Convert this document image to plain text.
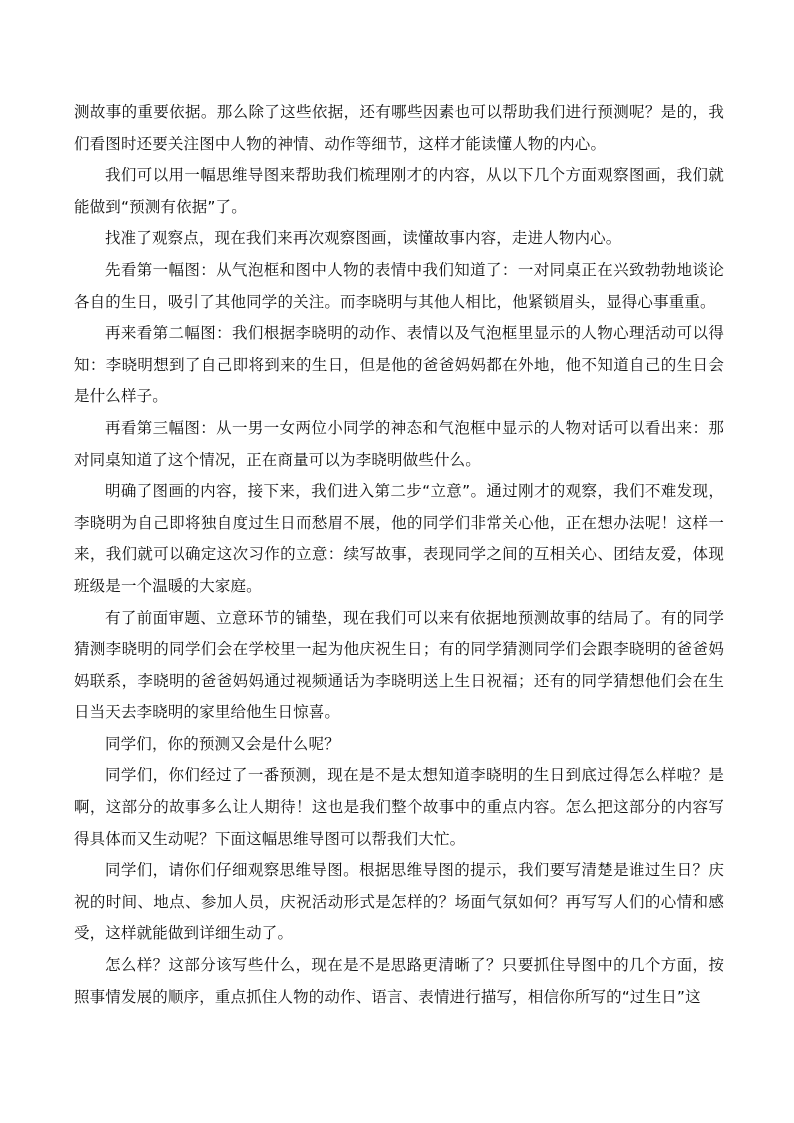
测故事的重要依据。那么除了这些依据，还有哪些因素也可以帮助我们进行预测呢？是的，我们看图时还要关注图中人物的神情、动作等细节，这样才能读懂人物的内心。

我们可以用一幅思维导图来帮助我们梳理刚才的内容，从以下几个方面观察图画，我们就能做到“预测有依据”了。

找准了观察点，现在我们来再次观察图画，读懂故事内容，走进人物内心。

先看第一幅图：从气泡框和图中人物的表情中我们知道了：一对同桌正在兴致勃勃地谈论各自的生日，吸引了其他同学的关注。而李晓明与其他人相比，他紧锁眉头，显得心事重重。

再来看第二幅图：我们根据李晓明的动作、表情以及气泡框里显示的人物心理活动可以得知：李晓明想到了自己即将到来的生日，但是他的爸爸妈妈都在外地，他不知道自己的生日会是什么样子。

再看第三幅图：从一男一女两位小同学的神态和气泡框中显示的人物对话可以看出来：那对同桌知道了这个情况，正在商量可以为李晓明做些什么。

明确了图画的内容，接下来，我们进入第二步“立意”。通过刚才的观察，我们不难发现，李晓明为自己即将独自度过生日而愁眉不展，他的同学们非常关心他，正在想办法呢！这样一来，我们就可以确定这次习作的立意：续写故事，表现同学之间的互相关心、团结友爱，体现班级是一个温暖的大家庭。

有了前面审题、立意环节的铺垫，现在我们可以来有依据地预测故事的结局了。有的同学猜测李晓明的同学们会在学校里一起为他庆祝生日；有的同学猜测同学们会跟李晓明的爸爸妈妈联系，李晓明的爸爸妈妈通过视频通话为李晓明送上生日祝福；还有的同学猜想他们会在生日当天去李晓明的家里给他生日惊喜。

同学们，你的预测又会是什么呢？

同学们，你们经过了一番预测，现在是不是太想知道李晓明的生日到底过得怎么样啦？是啊，这部分的故事多么让人期待！这也是我们整个故事中的重点内容。怎么把这部分的内容写得具体而又生动呢？下面这幅思维导图可以帮我们大忙。

同学们，请你们仔细观察思维导图。根据思维导图的提示，我们要写清楚是谁过生日？庆祝的时间、地点、参加人员，庆祝活动形式是怎样的？场面气氛如何？再写写人们的心情和感受，这样就能做到详细生动了。

怎么样？这部分该写些什么，现在是不是思路更清晰了？只要抓住导图中的几个方面，按照事情发展的顺序，重点抓住人物的动作、语言、表情进行描写，相信你所写的“过生日”这
